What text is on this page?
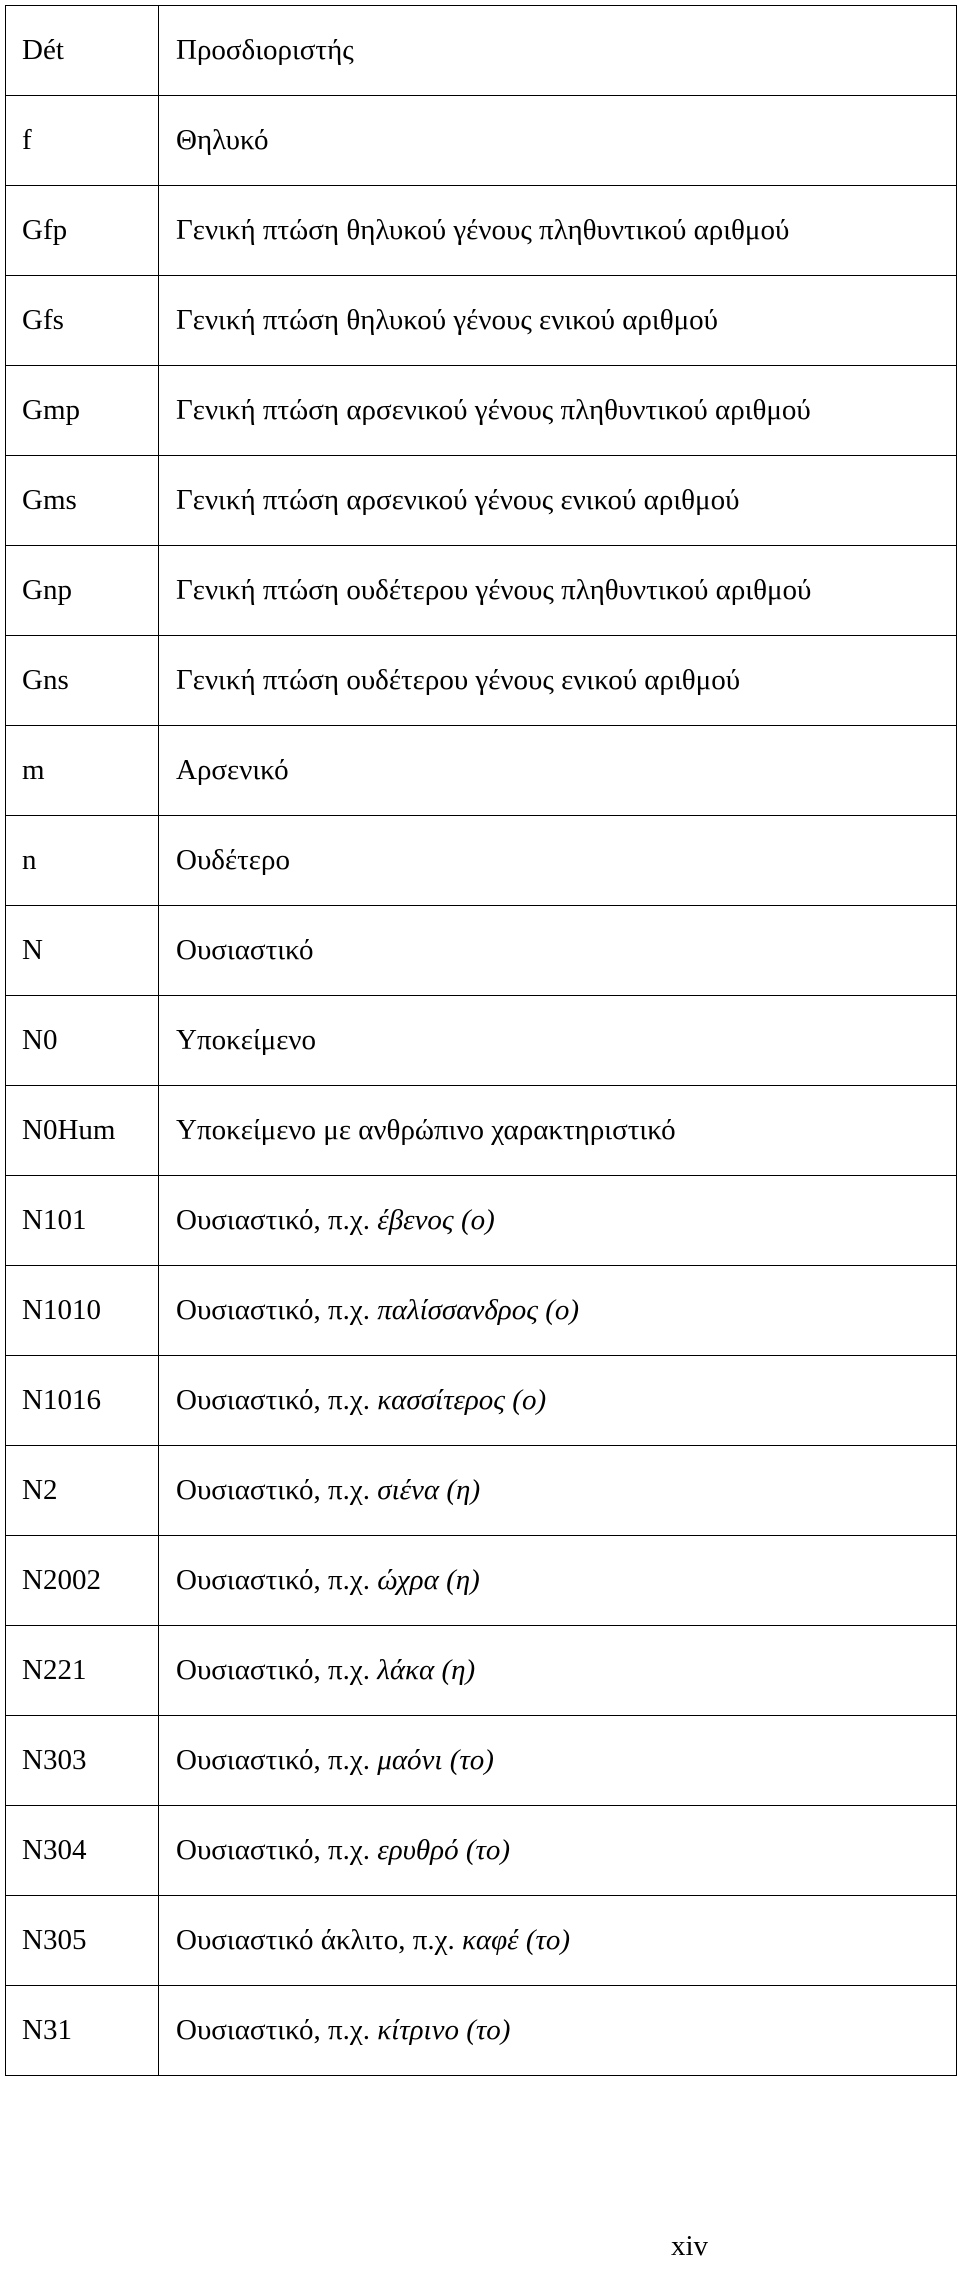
Dét	Προσδιοριστής
f	Θηλυκό
Gfp	Γενική πτώση θηλυκού γένους πληθυντικού αριθμού
Gfs	Γενική πτώση θηλυκού γένους ενικού αριθμού
Gmp	Γενική πτώση αρσενικού γένους πληθυντικού αριθμού
Gms	Γενική πτώση αρσενικού γένους ενικού αριθμού
Gnp	Γενική πτώση ουδέτερου γένους πληθυντικού αριθμού
Gns	Γενική πτώση ουδέτερου γένους ενικού αριθμού
m	Αρσενικό
n	Ουδέτερο
N	Ουσιαστικό
N0	Υποκείμενο
N0Hum	Υποκείμενο με ανθρώπινο χαρακτηριστικό
N101	Ουσιαστικό, π.χ. έβενος (ο)
N1010	Ουσιαστικό, π.χ. παλίσσανδρος (ο)
N1016	Ουσιαστικό, π.χ. κασσίτερος (ο)
N2	Ουσιαστικό, π.χ. σιένα (η)
N2002	Ουσιαστικό, π.χ. ώχρα (η)
N221	Ουσιαστικό, π.χ. λάκα (η)
N303	Ουσιαστικό, π.χ. μαόνι (το)
N304	Ουσιαστικό, π.χ. ερυθρό (το)
N305	Ουσιαστικό άκλιτο, π.χ. καφέ (το)
N31	Ουσιαστικό, π.χ. κίτρινο (το)
xiv
